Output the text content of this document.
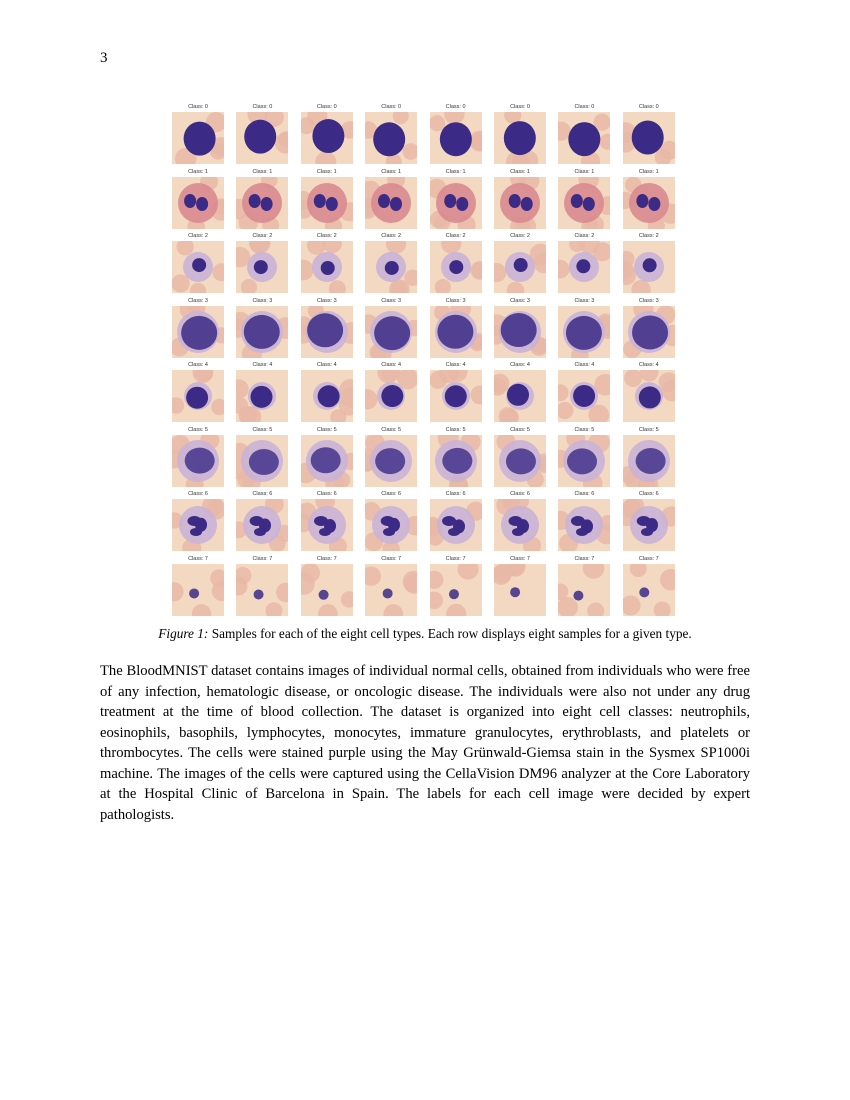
3
Class: 0	Class: 0	Class: 0	Class: 0	Class: 0	Class: 0	Class: 0	Class: 0
Class: 1	Class: 1	Class: 1	Class: 1	Class: 1	Class: 1	Class: 1	Class: 1
Class: 2	Class: 2	Class: 2	Class: 2	Class: 2	Class: 2	Class: 2	Class: 2
Class: 3	Class: 3	Class: 3	Class: 3	Class: 3	Class: 3	Class: 3	Class: 3
Class: 4	Class: 4	Class: 4	Class: 4	Class: 4	Class: 4	Class: 4	Class: 4
Class: 5	Class: 5	Class: 5	Class: 5	Class: 5	Class: 5	Class: 5	Class: 5
Class: 6	Class: 6	Class: 6	Class: 6	Class: 6	Class: 6	Class: 6	Class: 6
Class: 7	Class: 7	Class: 7	Class: 7	Class: 7	Class: 7	Class: 7	Class: 7
Figure 1: Samples for each of the eight cell types. Each row displays eight samples for a given type.

The BloodMNIST dataset contains images of individual normal cells, obtained from individuals who were free of any infection, hematologic disease, or oncologic disease. The individuals were also not under any drug treatment at the time of blood collection. The dataset is organized into eight cell classes: neutrophils, eosinophils, basophils, lymphocytes, monocytes, immature granulocytes, erythroblasts, and platelets or thrombocytes. The cells were stained purple using the May Grünwald-Giemsa stain in the Sysmex SP1000i machine. The images of the cells were captured using the CellaVision DM96 analyzer at the Core Laboratory at the Hospital Clinic of Barcelona in Spain. The labels for each cell image were decided by expert pathologists.
